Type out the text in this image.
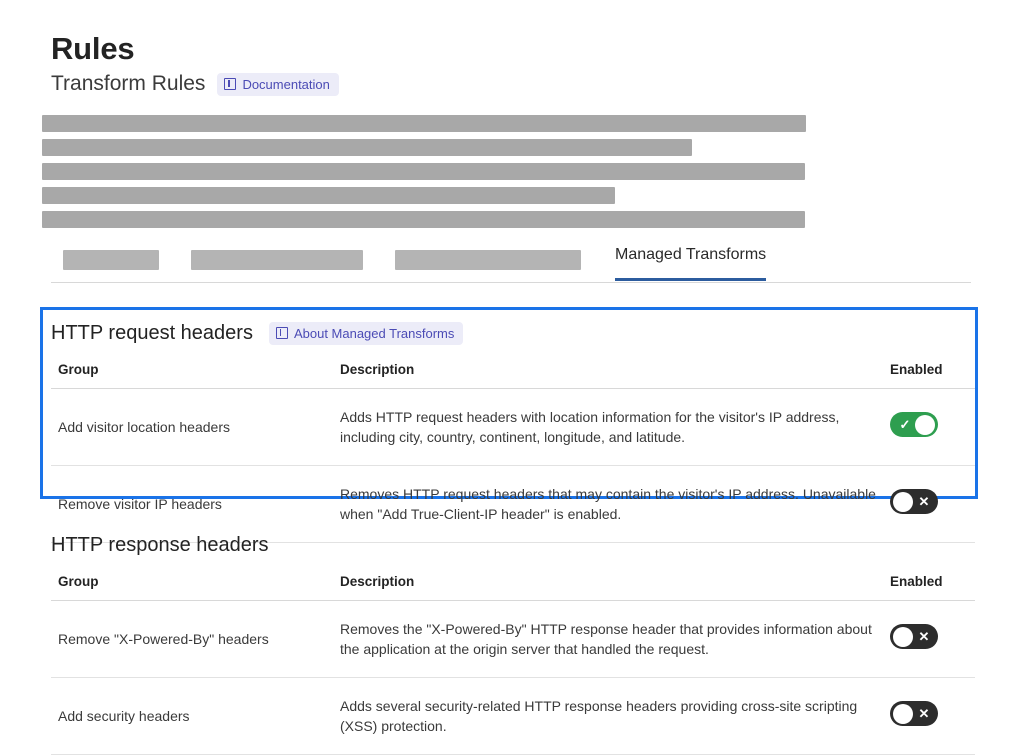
Rules
Transform Rules	Documentation
Managed Transforms
HTTP request headers	About Managed Transforms
Group	Description	Enabled
Add visitor location headers	Adds HTTP request headers with location information for the visitor's IP address, including city, country, continent, longitude, and latitude.	✓

Remove visitor IP headers	Removes HTTP request headers that may contain the visitor's IP address. Unavailable when "Add True-Client-IP header" is enabled.	✕
HTTP response headers
Group	Description	Enabled
Remove "X-Powered-By" headers	Removes the "X-Powered-By" HTTP response header that provides information about the application at the origin server that handled the request.	✕

Add security headers	Adds several security-related HTTP response headers providing cross-site scripting (XSS) protection.	✕
